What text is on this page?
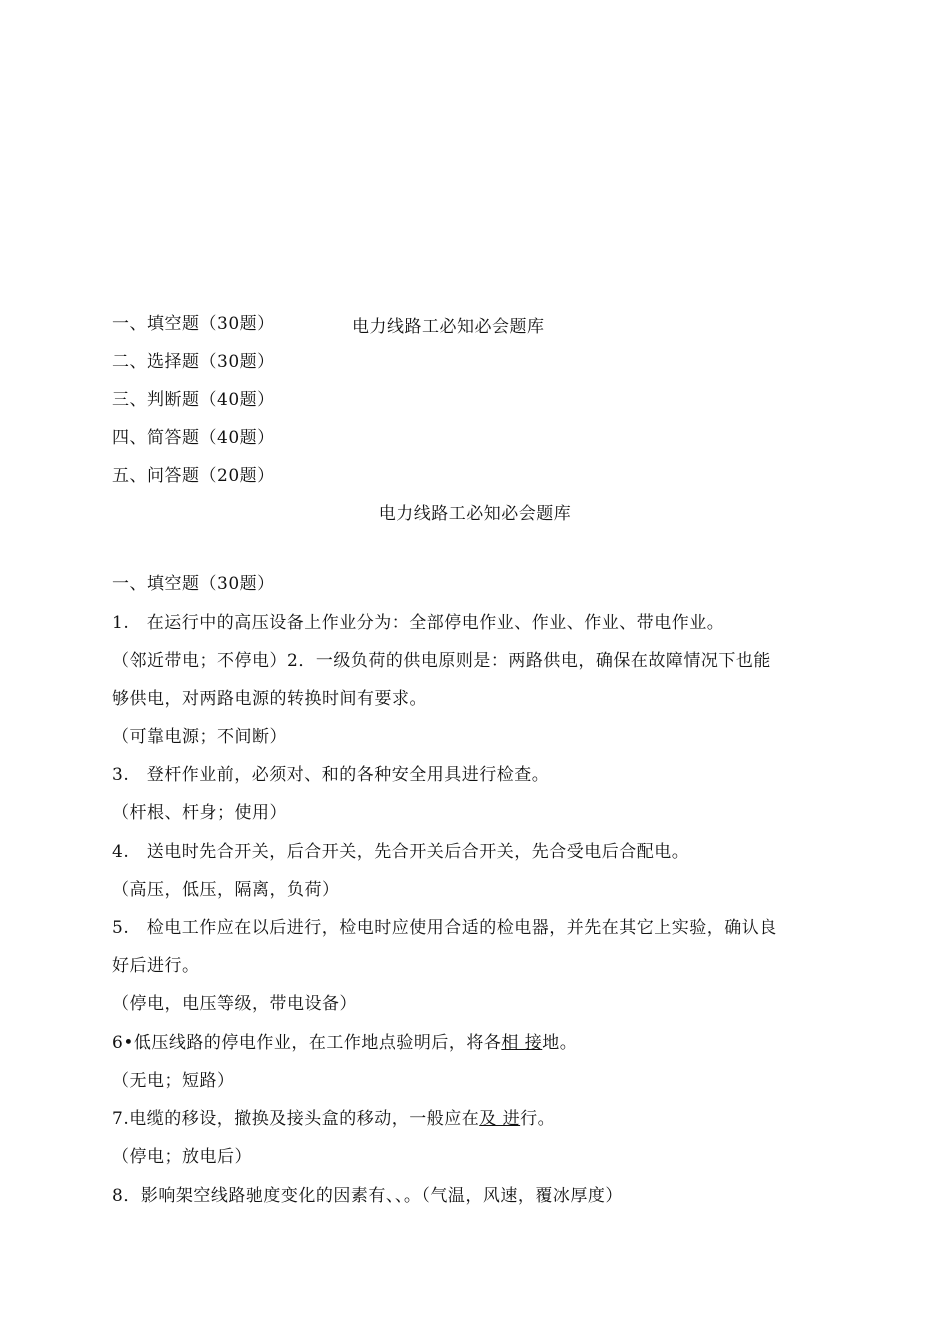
一、填空题（30题）	电力线路工必知必会题库
二、选择题（30题）
三、判断题（40题）
四、简答题（40题）
五、问答题（20题）
电力线路工必知必会题库
一、填空题（30题）
1.　在运行中的高压设备上作业分为：全部停电作业、作业、作业、带电作业。
（邻近带电；不停电）2．一级负荷的供电原则是：两路供电，确保在故障情况下也能
够供电，对两路电源的转换时间有要求。
（可靠电源；不间断）
3.　登杆作业前，必须对、和的各种安全用具进行检查。
（杆根、杆身；使用）
4.　送电时先合开关，后合开关，先合开关后合开关，先合受电后合配电。
（高压，低压，隔离，负荷）
5.　检电工作应在以后进行，检电时应使用合适的检电器，并先在其它上实验，确认良
好后进行。
（停电，电压等级，带电设备）
6•低压线路的停电作业，在工作地点验明后，将各相 接地。
（无电；短路）
7.电缆的移设，撤换及接头盒的移动，一般应在及 进行。
（停电；放电后）
8．影响架空线路驰度变化的因素有、、。（气温，风速，覆冰厚度）
